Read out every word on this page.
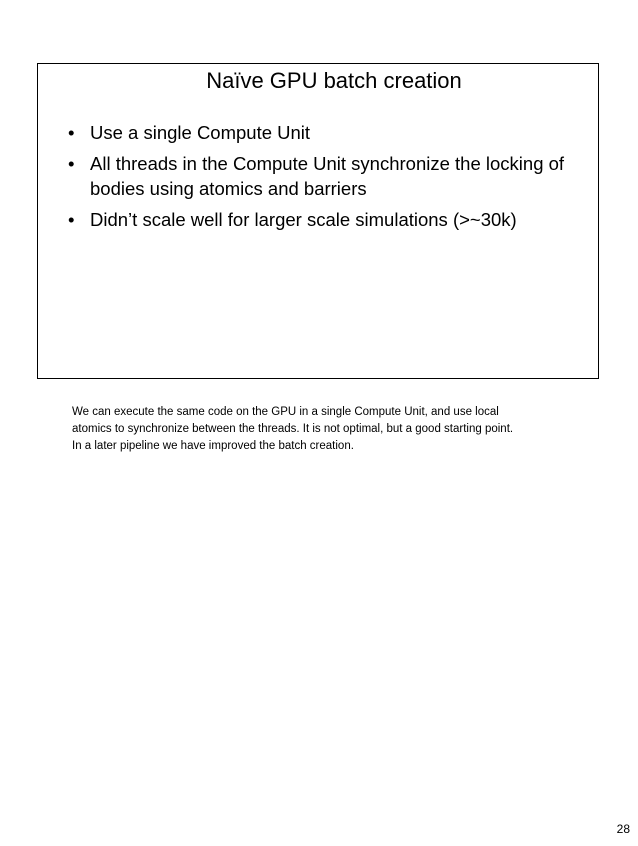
Naïve GPU batch creation
• Use a single Compute Unit
• All threads in the Compute Unit synchronize the locking of bodies using atomics and barriers
• Didn’t scale well for larger scale simulations (>~30k)

We can execute the same code on the GPU in a single Compute Unit, and use local

atomics to synchronize between the threads. It is not optimal, but a good starting point.

In a later pipeline we have improved the batch creation.

28
